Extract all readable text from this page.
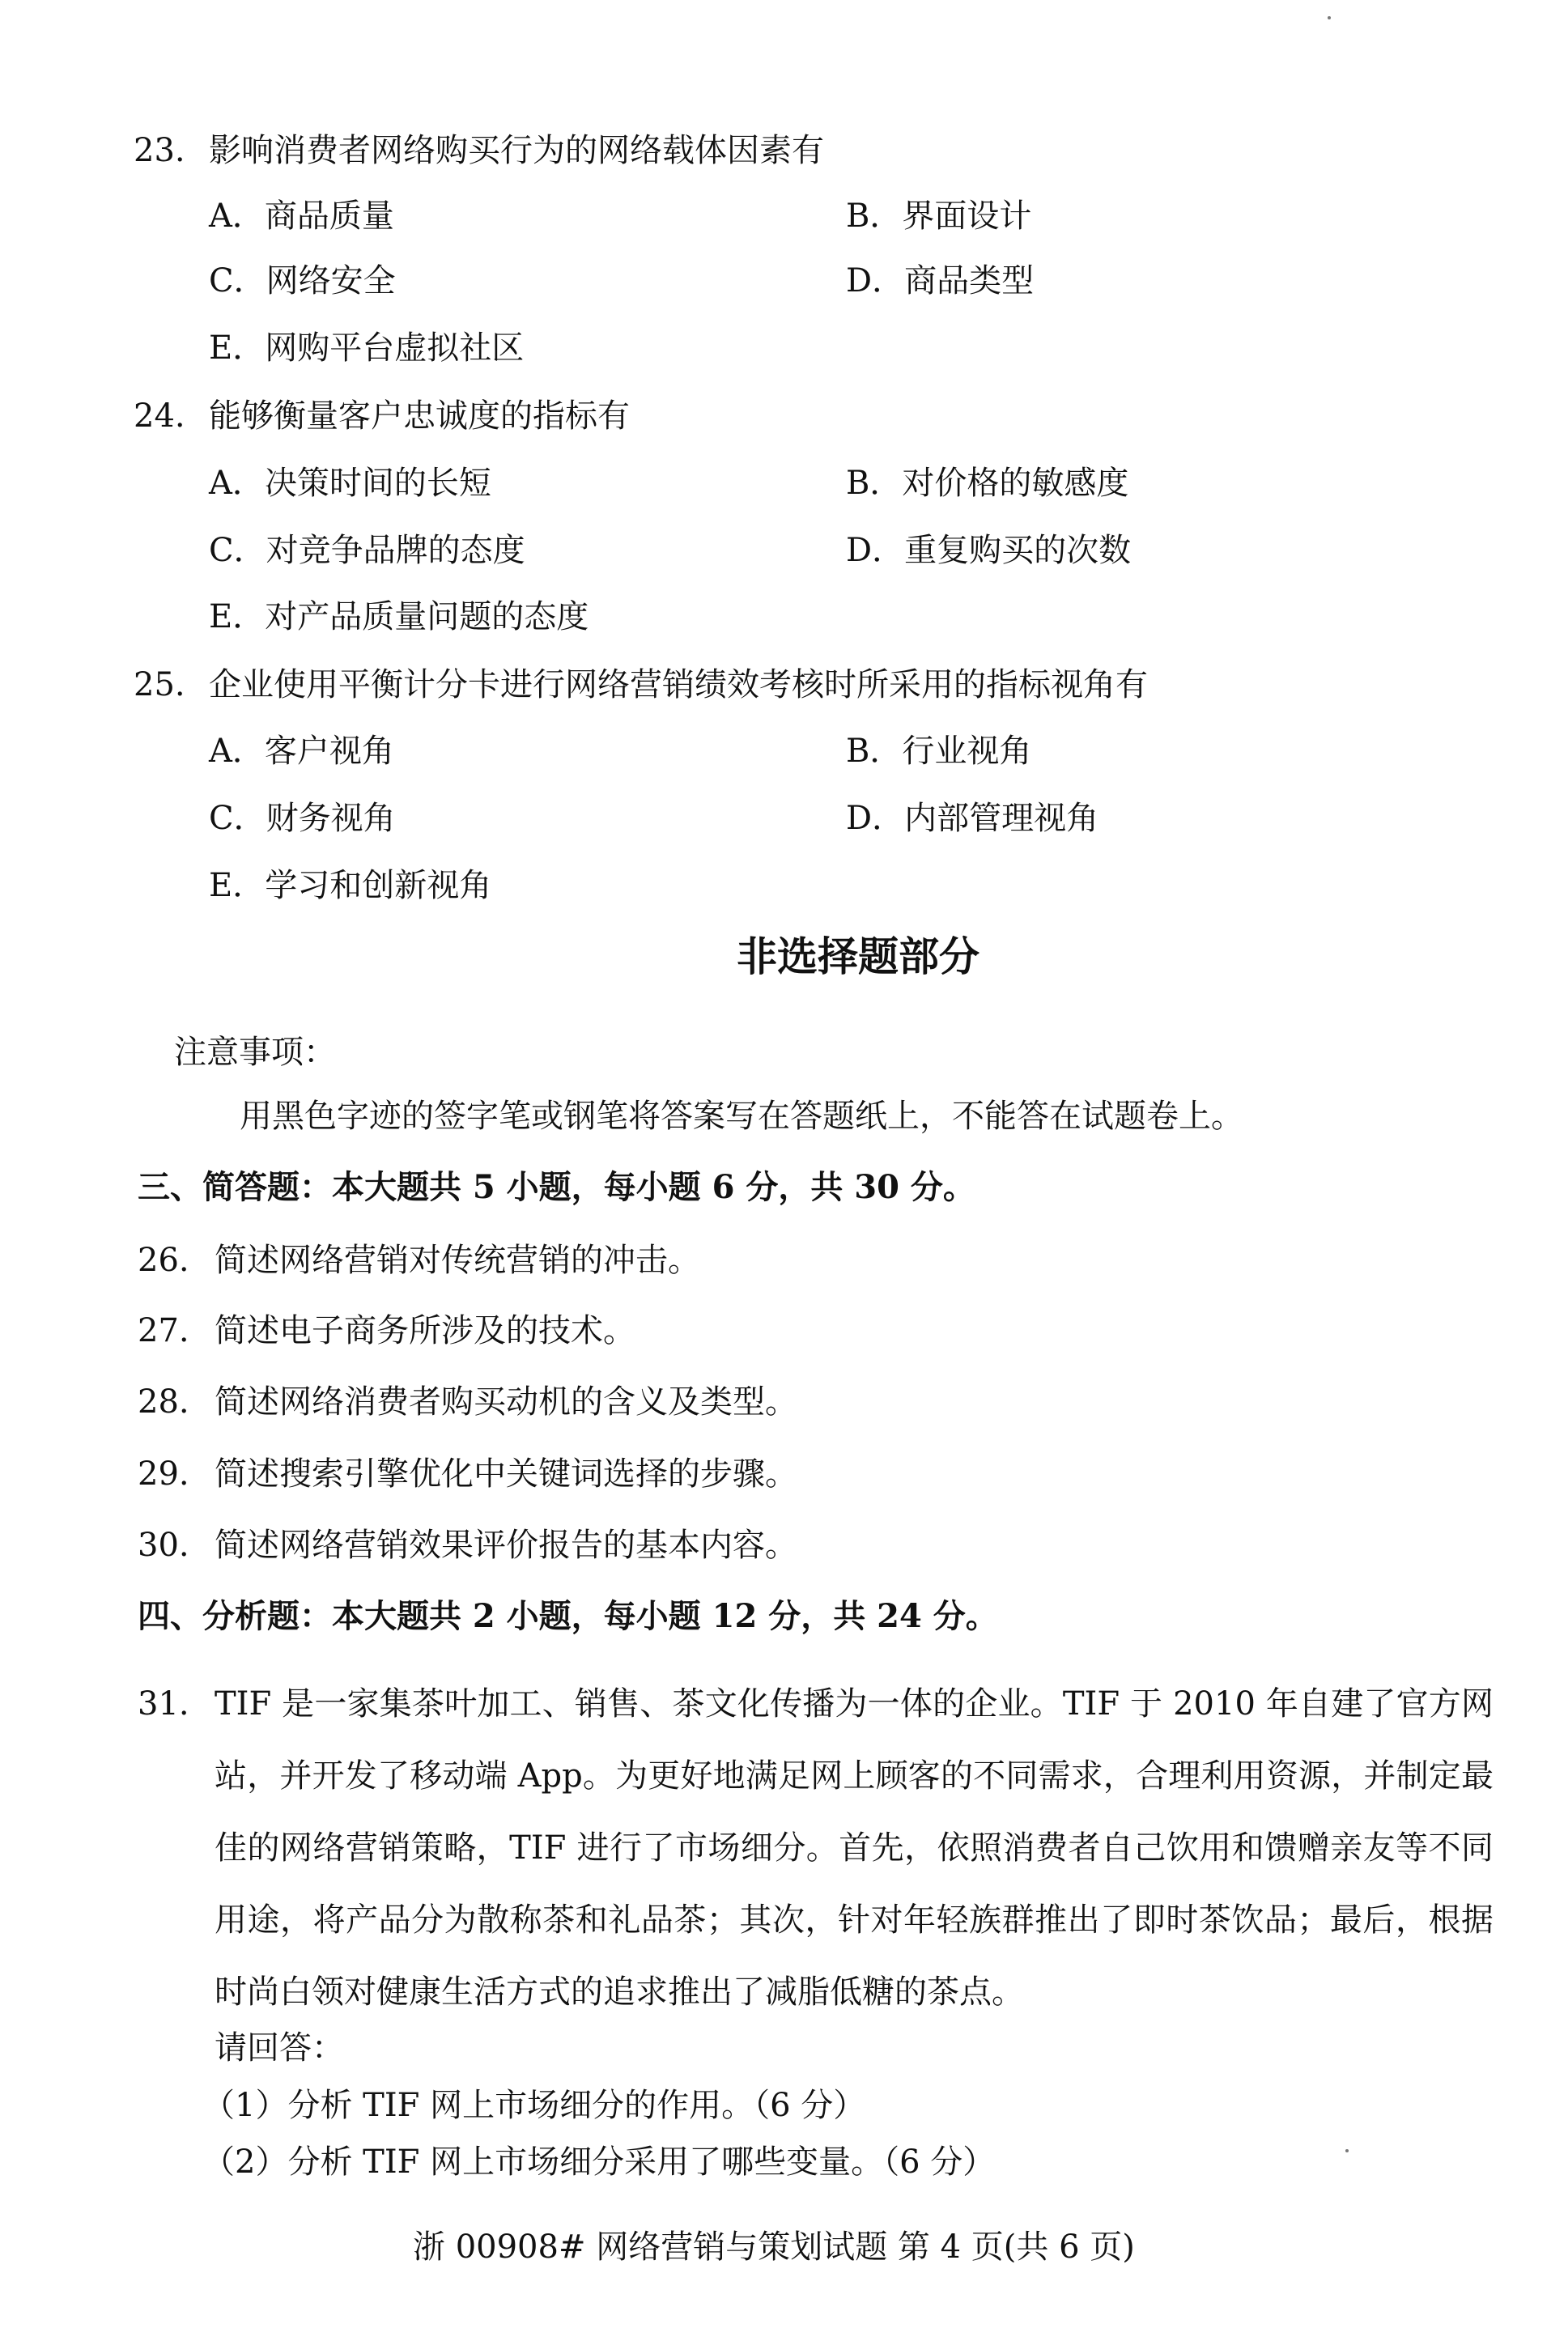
23. 影响消费者网络购买行为的网络载体因素有
A．商品质量	B．界面设计
C．网络安全	D．商品类型
E．网购平台虚拟社区
24. 能够衡量客户忠诚度的指标有
A．决策时间的长短	B．对价格的敏感度
C．对竞争品牌的态度	D．重复购买的次数
E．对产品质量问题的态度
25. 企业使用平衡计分卡进行网络营销绩效考核时所采用的指标视角有
A．客户视角	B．行业视角
C．财务视角	D．内部管理视角
E．学习和创新视角
非选择题部分
注意事项：
用黑色字迹的签字笔或钢笔将答案写在答题纸上，不能答在试题卷上。
三、简答题：本大题共 5 小题，每小题 6 分，共 30 分。
26. 简述网络营销对传统营销的冲击。
27. 简述电子商务所涉及的技术。
28. 简述网络消费者购买动机的含义及类型。
29. 简述搜索引擎优化中关键词选择的步骤。
30. 简述网络营销效果评价报告的基本内容。
四、分析题：本大题共 2 小题，每小题 12 分，共 24 分。
31. TIF 是一家集茶叶加工、销售、茶文化传播为一体的企业。TIF 于 2010 年自建了官方网站，并开发了移动端 App。为更好地满足网上顾客的不同需求，合理利用资源，并制定最佳的网络营销策略，TIF 进行了市场细分。首先，依照消费者自己饮用和馈赠亲友等不同用途，将产品分为散称茶和礼品茶；其次，针对年轻族群推出了即时茶饮品；最后，根据时尚白领对健康生活方式的追求推出了减脂低糖的茶点。
请回答：
（1）分析 TIF 网上市场细分的作用。（6 分）
（2）分析 TIF 网上市场细分采用了哪些变量。（6 分）
浙 00908# 网络营销与策划试题 第 4 页(共 6 页)
